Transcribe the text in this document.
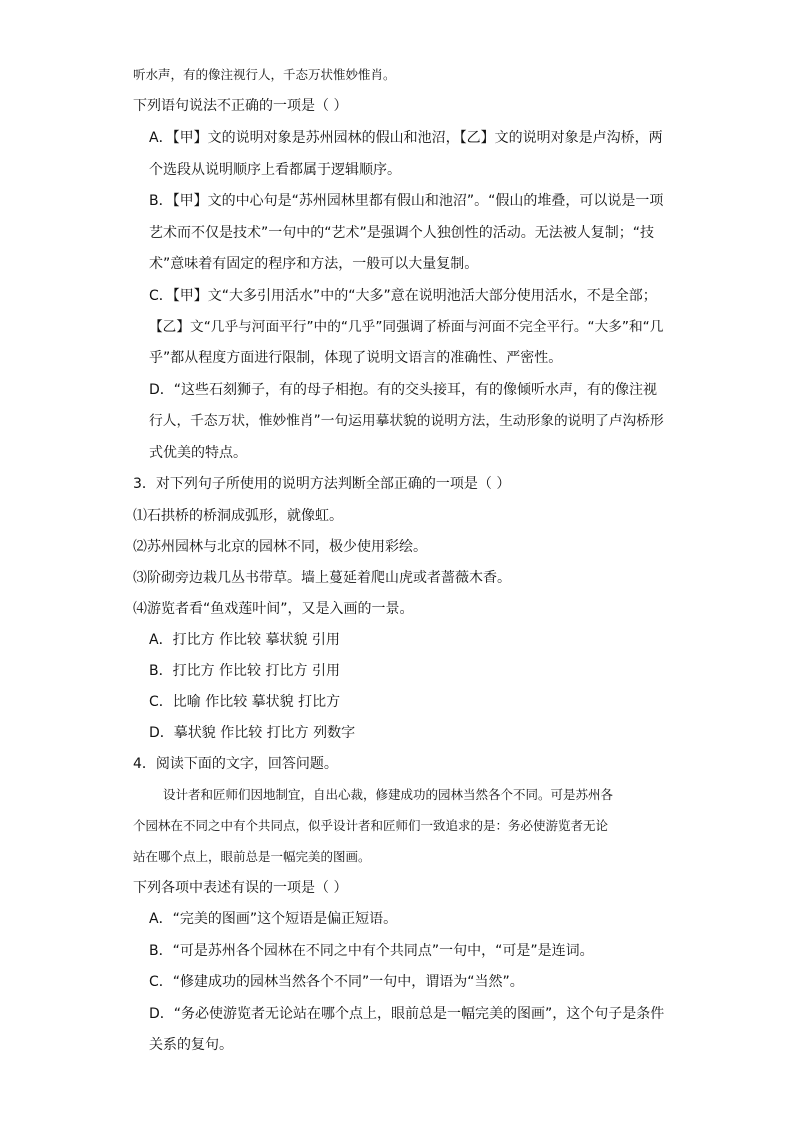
听水声，有的像注视行人，千态万状惟妙惟肖。
下列语句说法不正确的一项是（ ）
A．【甲】文的说明对象是苏州园林的假山和池沼，【乙】文的说明对象是卢沟桥，两
个选段从说明顺序上看都属于逻辑顺序。
B．【甲】文的中心句是“苏州园林里都有假山和池沼”。“假山的堆叠，可以说是一项
艺术而不仅是技术”一句中的“艺术”是强调个人独创性的活动。无法被人复制；“技
术”意味着有固定的程序和方法，一般可以大量复制。
C．【甲】文“大多引用活水”中的“大多”意在说明池活大部分使用活水，不是全部；
【乙】文“几乎与河面平行”中的“几乎”同强调了桥面与河面不完全平行。“大多”和“几
乎”都从程度方面进行限制，体现了说明文语言的准确性、严密性。
D．“这些石刻狮子，有的母子相抱。有的交头接耳，有的像倾听水声，有的像注视
行人，千态万状，惟妙惟肖”一句运用摹状貌的说明方法，生动形象的说明了卢沟桥形
式优美的特点。
3．对下列句子所使用的说明方法判断全部正确的一项是（ ）
⑴石拱桥的桥洞成弧形，就像虹。
⑵苏州园林与北京的园林不同，极少使用彩绘。
⑶阶砌旁边栽几丛书带草。墙上蔓延着爬山虎或者蔷薇木香。
⑷游览者看“鱼戏莲叶间”，又是入画的一景。
A．打比方 作比较 摹状貌 引用
B．打比方 作比较 打比方 引用
C．比喻 作比较 摹状貌 打比方
D．摹状貌 作比较 打比方 列数字
4．阅读下面的文字，回答问题。
设计者和匠师们因地制宜，自出心裁，修建成功的园林当然各个不同。可是苏州各
个园林在不同之中有个共同点，似乎设计者和匠师们一致追求的是：务必使游览者无论
站在哪个点上，眼前总是一幅完美的图画。
下列各项中表述有误的一项是（ ）
A．“完美的图画”这个短语是偏正短语。
B．“可是苏州各个园林在不同之中有个共同点”一句中，“可是”是连词。
C．“修建成功的园林当然各个不同”一句中，谓语为“当然”。
D．“务必使游览者无论站在哪个点上，眼前总是一幅完美的图画”，这个句子是条件
关系的复句。
